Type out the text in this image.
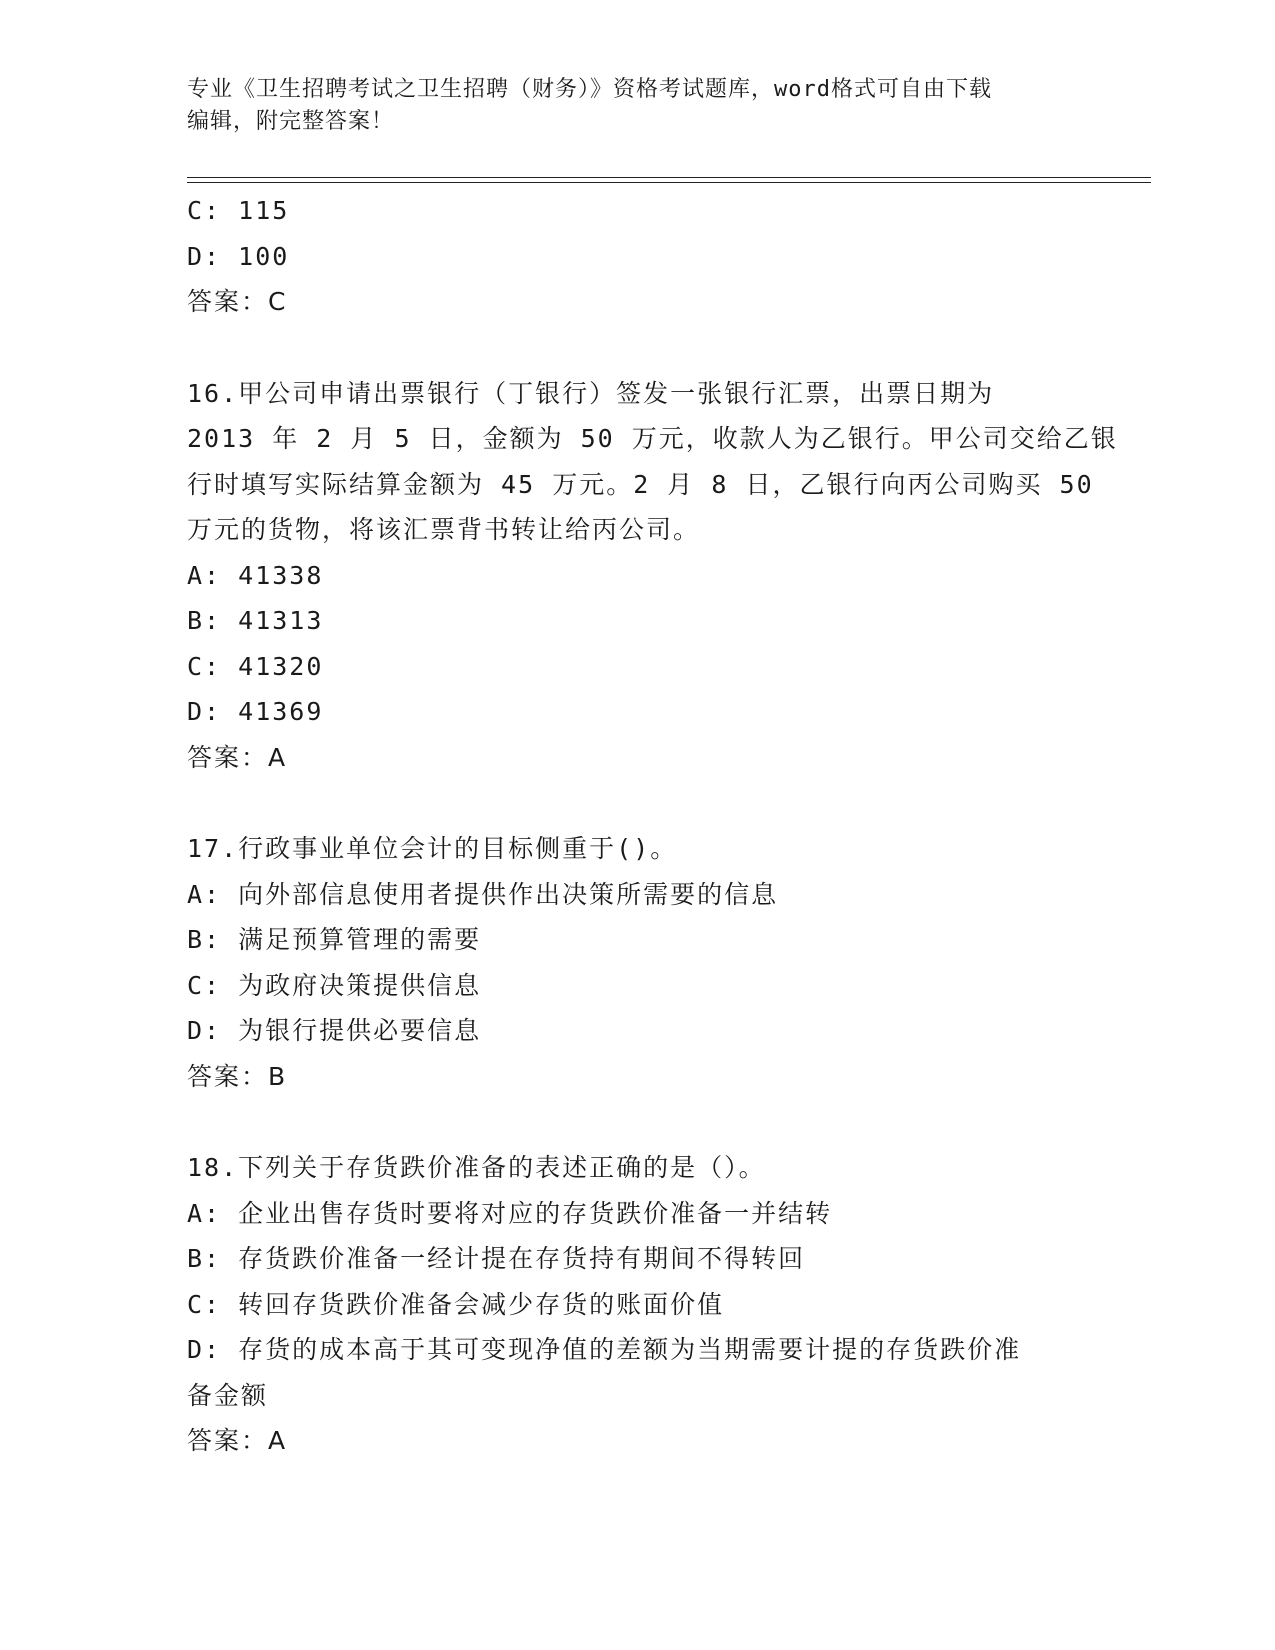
专业《卫生招聘考试之卫生招聘（财务）》资格考试题库，word格式可自由下载
编辑，附完整答案！
C: 115
D: 100
答案：C
16.甲公司申请出票银行（丁银行）签发一张银行汇票，出票日期为
2013 年 2 月 5 日，金额为 50 万元，收款人为乙银行。甲公司交给乙银
行时填写实际结算金额为 45 万元。2 月 8 日，乙银行向丙公司购买 50
万元的货物，将该汇票背书转让给丙公司。
A: 41338
B: 41313
C: 41320
D: 41369
答案：A
17.行政事业单位会计的目标侧重于()。
A: 向外部信息使用者提供作出决策所需要的信息
B: 满足预算管理的需要
C: 为政府决策提供信息
D: 为银行提供必要信息
答案：B
18.下列关于存货跌价准备的表述正确的是（）。
A: 企业出售存货时要将对应的存货跌价准备一并结转
B: 存货跌价准备一经计提在存货持有期间不得转回
C: 转回存货跌价准备会减少存货的账面价值
D: 存货的成本高于其可变现净值的差额为当期需要计提的存货跌价准
备金额
答案：A
